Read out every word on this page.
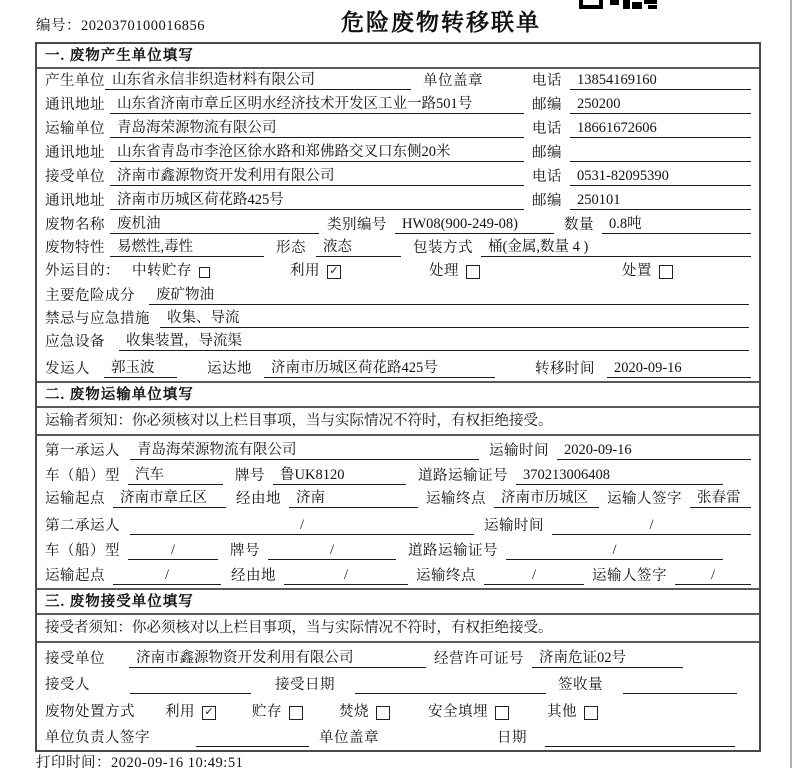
编号：2020370100016856	危险废物转移联单
一. 废物产生单位填写
产生单位 山东省永信非织造材料有限公司	单位盖章	电话	13854169160
通讯地址 山东省济南市章丘区明水经济技术开发区工业一路501号	邮编	250200
运输单位 青岛海荣源物流有限公司	电话	18661672606
通讯地址 山东省青岛市李沧区徐水路和郑佛路交叉口东侧20米	邮编
接受单位 济南市鑫源物资开发利用有限公司	电话	0531-82095390
通讯地址 济南市历城区荷花路425号	邮编	250101
废物名称 废机油	类别编号	HW08(900-249-08)	数量	0.8吨
废物特性 易燃性,毒性	形态	液态	包装方式	桶(金属,数量 4 )
外运目的： 中转贮存	利用 ✓	处理	处置
主要危险成分	废矿物油
禁忌与应急措施	收集、导流
应急设备	收集装置，导流渠
发运人	郭玉波	运达地	济南市历城区荷花路425号	转移时间	2020-09-16
二. 废物运输单位填写
运输者须知：你必须核对以上栏目事项，当与实际情况不符时，有权拒绝接受。
第一承运人	青岛海荣源物流有限公司	运输时间	2020-09-16
车（船）型	汽车	牌号	鲁UK8120	道路运输证号	370213006408
运输起点	济南市章丘区	经由地	济南	运输终点	济南市历城区	运输人签字	张春雷
第二承运人	/	运输时间	/
车（船）型	/	牌号	/	道路运输证号	/
运输起点	/	经由地	/	运输终点	/	运输人签字	/
三. 废物接受单位填写
接受者须知：你必须核对以上栏目事项，当与实际情况不符时，有权拒绝接受。
接受单位	济南市鑫源物资开发利用有限公司	经营许可证号	济南危证02号
接受人	接受日期	签收量
废物处置方式 利用 ✓	贮存	焚烧	安全填埋	其他
单位负责人签字	单位盖章	日期
打印时间：2020-09-16 10:49:51
